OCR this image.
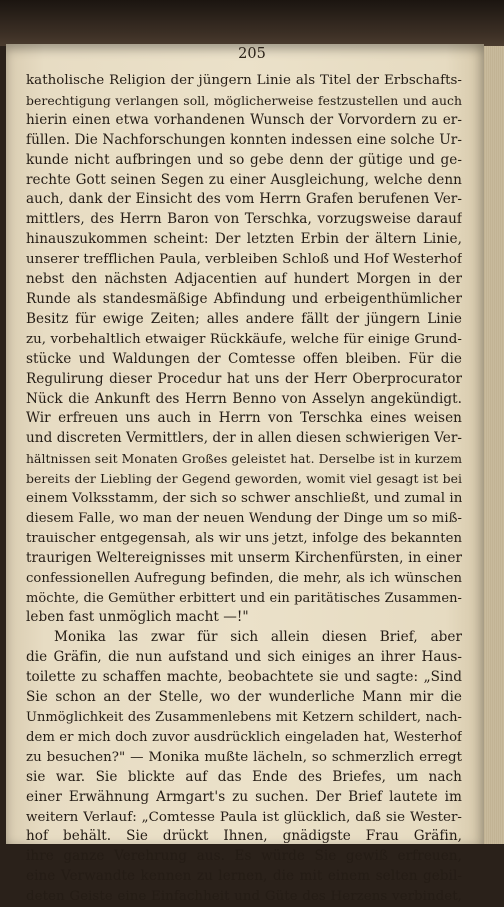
205
katholische Religion der jüngern Linie als Titel der Erbschafts-
berechtigung verlangen soll, möglicherweise festzustellen und auch
hierin einen etwa vorhandenen Wunsch der Vorvordern zu er-
füllen. Die Nachforschungen konnten indessen eine solche Ur-
kunde nicht aufbringen und so gebe denn der gütige und ge-
rechte Gott seinen Segen zu einer Ausgleichung, welche denn
auch, dank der Einsicht des vom Herrn Grafen berufenen Ver-
mittlers, des Herrn Baron von Terschka, vorzugsweise darauf
hinauszukommen scheint: Der letzten Erbin der ältern Linie,
unserer trefflichen Paula, verbleiben Schloß und Hof Westerhof
nebst den nächsten Adjacentien auf hundert Morgen in der
Runde als standesmäßige Abfindung und erbeigenthümlicher
Besitz für ewige Zeiten; alles andere fällt der jüngern Linie
zu, vorbehaltlich etwaiger Rückkäufe, welche für einige Grund-
stücke und Waldungen der Comtesse offen bleiben. Für die
Regulirung dieser Procedur hat uns der Herr Oberprocurator
Nück die Ankunft des Herrn Benno von Asselyn angekündigt.
Wir erfreuen uns auch in Herrn von Terschka eines weisen
und discreten Vermittlers, der in allen diesen schwierigen Ver-
hältnissen seit Monaten Großes geleistet hat. Derselbe ist in kurzem
bereits der Liebling der Gegend geworden, womit viel gesagt ist bei
einem Volksstamm, der sich so schwer anschließt, und zumal in
diesem Falle, wo man der neuen Wendung der Dinge um so miß-
trauischer entgegensah, als wir uns jetzt, infolge des bekannten
traurigen Weltereignisses mit unserm Kirchenfürsten, in einer
confessionellen Aufregung befinden, die mehr, als ich wünschen
möchte, die Gemüther erbittert und ein paritätisches Zusammen-
leben fast unmöglich macht —!"
Monika las zwar für sich allein diesen Brief, aber
die Gräfin, die nun aufstand und sich einiges an ihrer Haus-
toilette zu schaffen machte, beobachtete sie und sagte: „Sind
Sie schon an der Stelle, wo der wunderliche Mann mir die
Unmöglichkeit des Zusammenlebens mit Ketzern schildert, nach-
dem er mich doch zuvor ausdrücklich eingeladen hat, Westerhof
zu besuchen?" — Monika mußte lächeln, so schmerzlich erregt
sie war. Sie blickte auf das Ende des Briefes, um nach
einer Erwähnung Armgart's zu suchen. Der Brief lautete im
weitern Verlauf: „Comtesse Paula ist glücklich, daß sie Wester-
hof behält. Sie drückt Ihnen, gnädigste Frau Gräfin,
ihre ganze Verehrung aus. Es würde Sie gewiß erfreuen,
eine Verwandte kennen zu lernen, die mit einem selten gebil-
deten Geiste eine Einfachheit und Güte des Herzens verbindet,
